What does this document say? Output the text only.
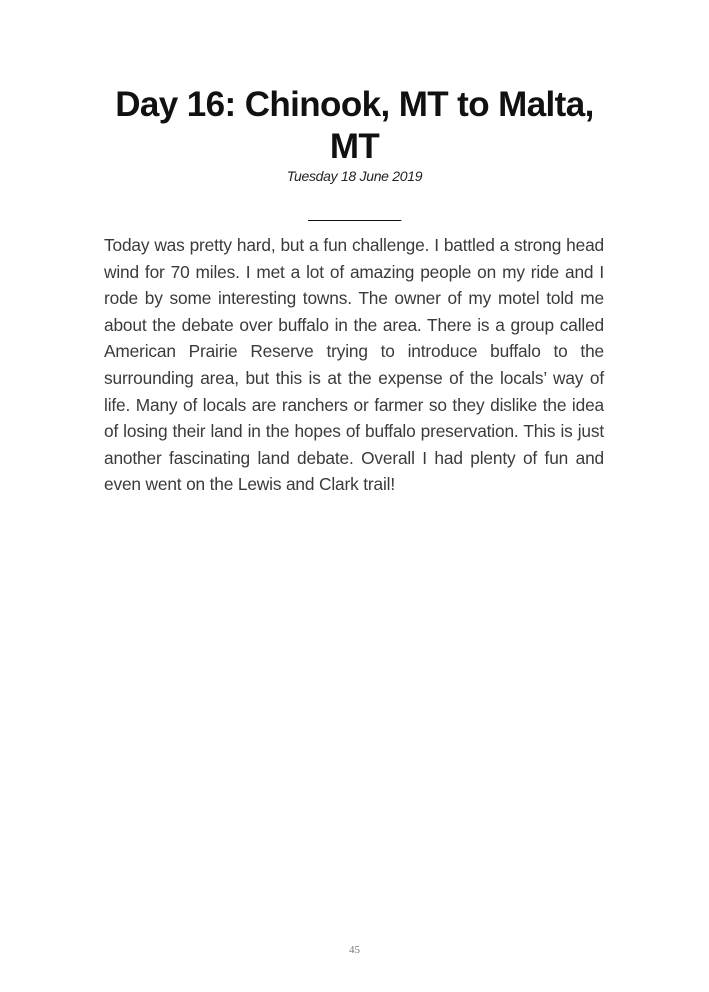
Day 16: Chinook, MT to Malta, MT
Tuesday 18 June 2019
___________

Today was pretty hard, but a fun challenge. I battled a strong head wind for 70 miles. I met a lot of amazing people on my ride and I rode by some interesting towns. The owner of my motel told me about the debate over buffalo in the area. There is a group called American Prairie Reserve trying to introduce buffalo to the surrounding area, but this is at the expense of the locals’ way of life. Many of locals are ranchers or farmer so they dislike the idea of losing their land in the hopes of buffalo preservation. This is just another fascinating land debate. Overall I had plenty of fun and even went on the Lewis and Clark trail!

45
